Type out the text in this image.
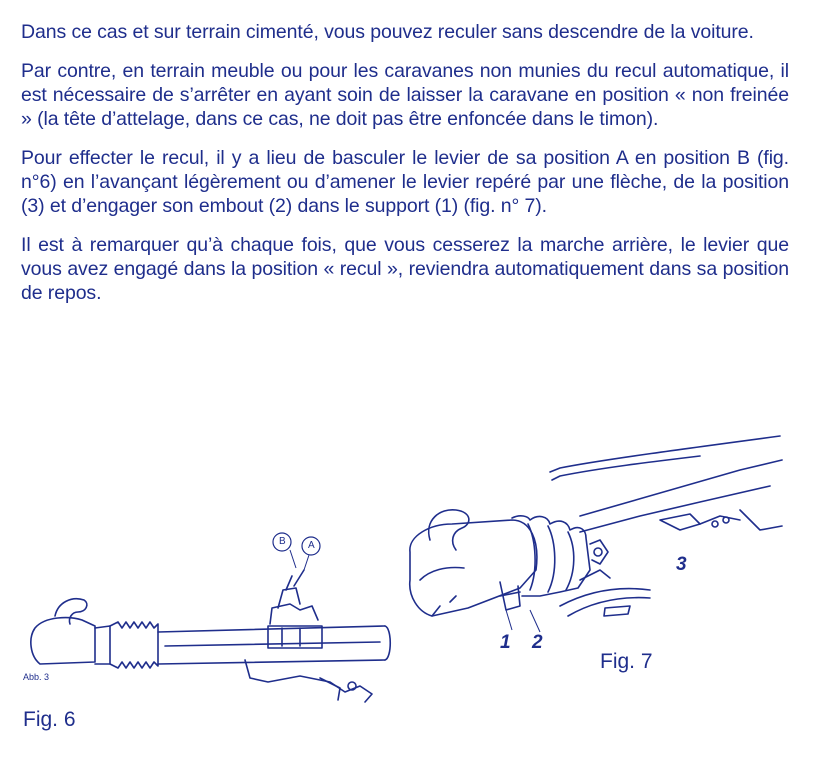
Dans ce cas et sur terrain cimenté, vous pouvez reculer sans descendre de la voiture.

Par contre, en terrain meuble ou pour les caravanes non munies du recul automatique, il est nécessaire de s’arrêter en ayant soin de laisser la caravane en position « non freinée » (la tête d’attelage, dans ce cas, ne doit pas être enfoncée dans le timon).

Pour effecter le recul, il y a lieu de basculer le levier de sa position A en position B (fig. n°6) en l’avançant légèrement ou d’amener le levier repéré par une flèche, de la position (3) et d’engager son embout (2) dans le support (1) (fig. n° 7).

Il est à remarquer qu’à chaque fois, que vous cesserez la marche arrière, le levier que vous avez engagé dans la position « recul », reviendra automatiquement dans sa position de repos.

Fig. 6
Abb. 3
B A
Fig. 7
1 2
3
